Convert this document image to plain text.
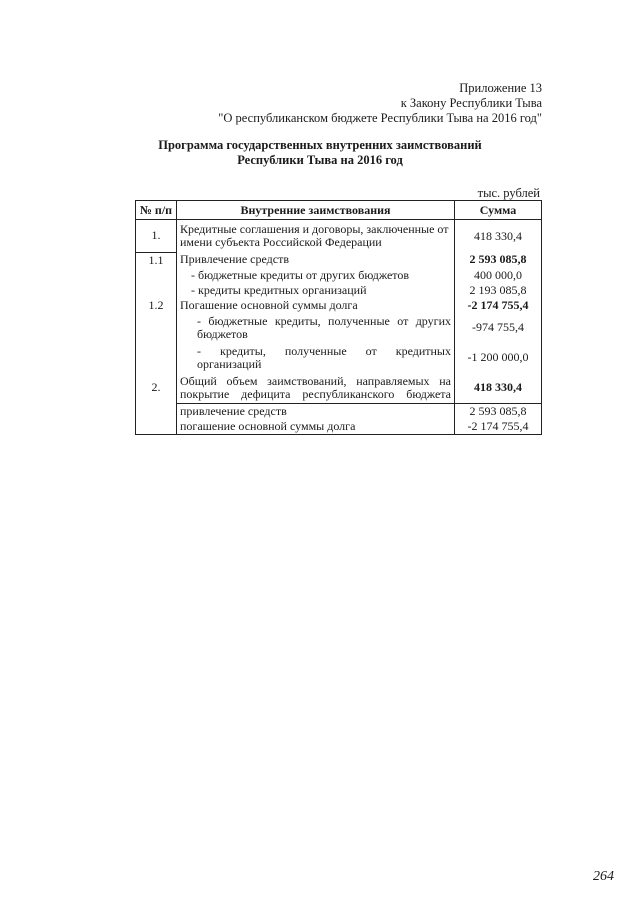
Приложение 13
к Закону Республики Тыва
"О республиканском бюджете Республики Тыва на 2016 год"
Программа государственных внутренних заимствований
Республики Тыва на 2016 год
тыс. рублей
№ п/п	Внутренние заимствования	Сумма
1.	Кредитные соглашения и договоры, заключенные от имени субъекта Российской Федерации	418 330,4
1.1	Привлечение средств	2 593 085,8
	- бюджетные кредиты от других бюджетов	400 000,0
	- кредиты кредитных организаций	2 193 085,8
1.2	Погашение основной суммы долга	-2 174 755,4
	- бюджетные кредиты, полученные от других бюджетов	-974 755,4
	- кредиты, полученные от кредитных организаций	-1 200 000,0
2.	Общий объем заимствований, направляемых на покрытие дефицита республиканского бюджета	418 330,4
	привлечение средств	2 593 085,8
	погашение основной суммы долга	-2 174 755,4
264
